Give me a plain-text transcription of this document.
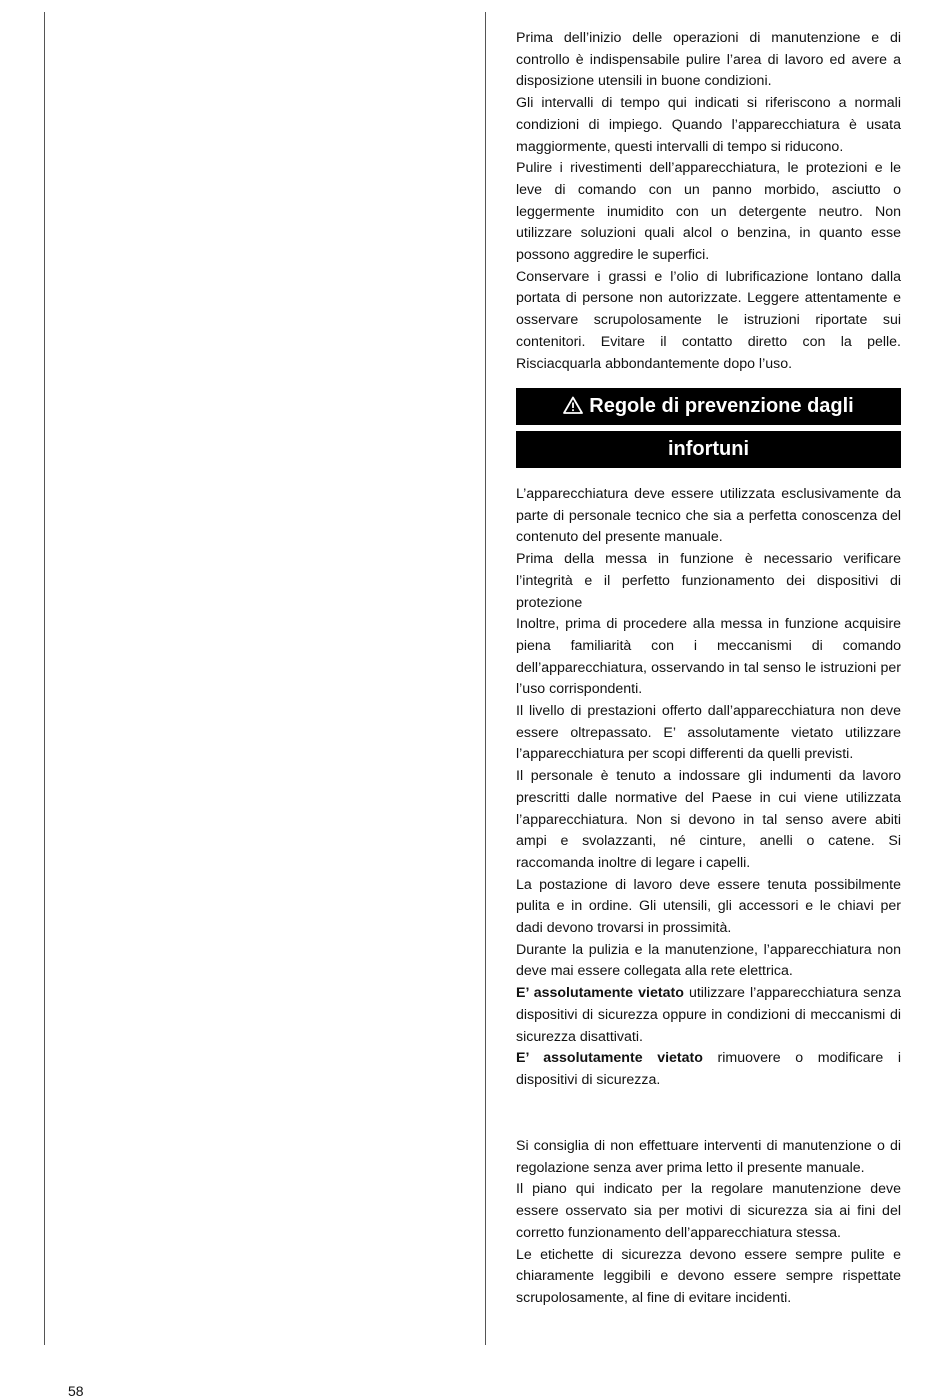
Prima dell’inizio delle operazioni di manutenzione e di controllo è indispensabile pulire l’area di lavoro ed avere a disposizione utensili in buone condizioni.

Gli intervalli di tempo qui indicati si riferiscono a normali condizioni di impiego. Quando l’apparecchiatura è usata maggiormente, questi intervalli di tempo si riducono.

Pulire i rivestimenti dell’apparecchiatura, le protezioni e le leve di comando con un panno morbido, asciutto o leggermente inumidito con un detergente neutro. Non utilizzare soluzioni quali alcol o benzina, in quanto esse possono aggredire le superfici.

Conservare i grassi e l’olio di lubrificazione lontano dalla portata di persone non autorizzate. Leggere attentamente e osservare scrupolosamente le istruzioni riportate sui contenitori. Evitare il contatto diretto con la pelle. Risciacquarla abbondantemente dopo l’uso.

Regole di prevenzione dagli
infortuni

L’apparecchiatura deve essere utilizzata esclusivamente da parte di personale tecnico che sia a perfetta conoscenza del contenuto del presente manuale.

Prima della messa in funzione è necessario verificare l’integrità e il perfetto funzionamento dei dispositivi di protezione

Inoltre, prima di procedere alla messa in funzione acquisire piena familiarità con i meccanismi di comando dell’apparecchiatura, osservando in tal senso le istruzioni per l’uso corrispondenti.

Il livello di prestazioni offerto dall’apparecchiatura non deve essere oltrepassato. E’ assolutamente vietato utilizzare l’apparecchiatura per scopi differenti da quelli previsti.

Il personale è tenuto a indossare gli indumenti da lavoro prescritti dalle normative del Paese in cui viene utilizzata l’apparecchiatura. Non si devono in tal senso avere abiti ampi e svolazzanti, né cinture, anelli o catene. Si raccomanda inoltre di legare i capelli.

La postazione di lavoro deve essere tenuta possibilmente pulita e in ordine. Gli utensili, gli accessori e le chiavi per dadi devono trovarsi in prossimità.

Durante la pulizia e la manutenzione, l’apparecchiatura non deve mai essere collegata alla rete elettrica.

E’ assolutamente vietato utilizzare l’apparecchiatura senza dispositivi di sicurezza oppure in condizioni di meccanismi di sicurezza disattivati.

E’ assolutamente vietato rimuovere o modificare i dispositivi di sicurezza.

Si consiglia di non effettuare interventi di manutenzione o di regolazione senza aver prima letto il presente manuale.

Il piano qui indicato per la regolare manutenzione deve essere osservato sia per motivi di sicurezza sia ai fini del corretto funzionamento dell’apparecchiatura stessa.

Le etichette di sicurezza devono essere sempre pulite e chiaramente leggibili e devono essere sempre rispettate scrupolosamente, al fine di evitare incidenti.

58
